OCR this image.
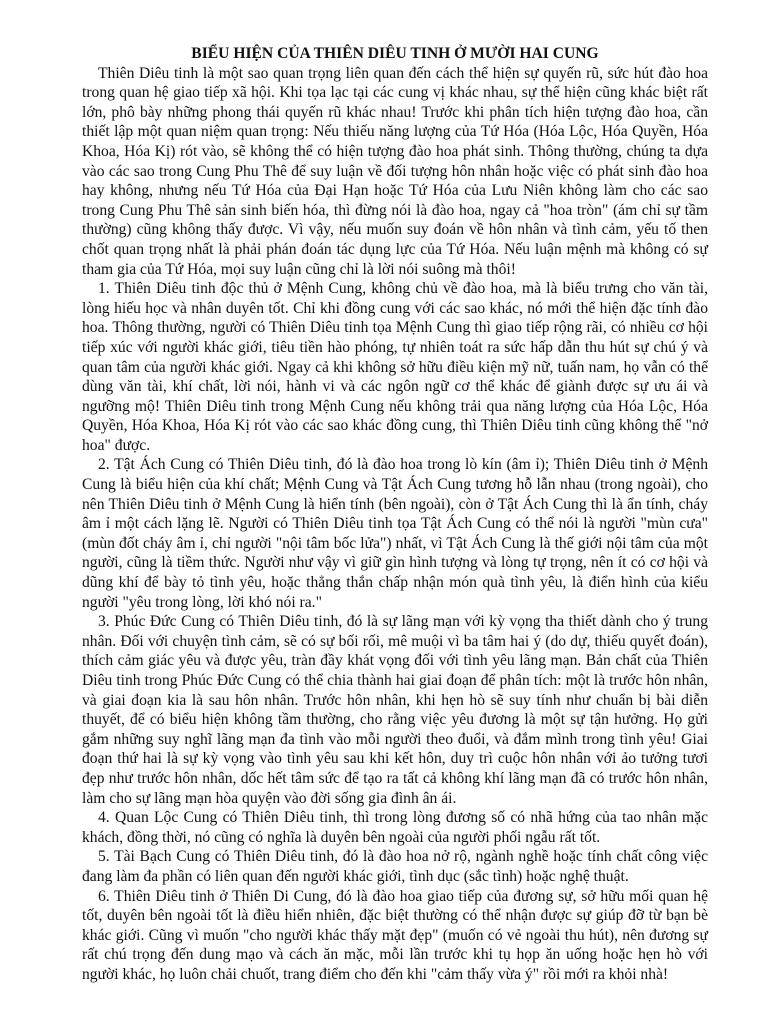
BIỂU HIỆN CỦA THIÊN DIÊU TINH Ở MƯỜI HAI CUNG

Thiên Diêu tinh là một sao quan trọng liên quan đến cách thể hiện sự quyến rũ, sức hút đào hoa trong quan hệ giao tiếp xã hội. Khi tọa lạc tại các cung vị khác nhau, sự thể hiện cũng khác biệt rất lớn, phô bày những phong thái quyến rũ khác nhau! Trước khi phân tích hiện tượng đào hoa, cần thiết lập một quan niệm quan trọng: Nếu thiếu năng lượng của Tứ Hóa (Hóa Lộc, Hóa Quyền, Hóa Khoa, Hóa Kị) rót vào, sẽ không thể có hiện tượng đào hoa phát sinh. Thông thường, chúng ta dựa vào các sao trong Cung Phu Thê để suy luận về đối tượng hôn nhân hoặc việc có phát sinh đào hoa hay không, nhưng nếu Tứ Hóa của Đại Hạn hoặc Tứ Hóa của Lưu Niên không làm cho các sao trong Cung Phu Thê sản sinh biến hóa, thì đừng nói là đào hoa, ngay cả "hoa tròn" (ám chỉ sự tầm thường) cũng không thấy được. Vì vậy, nếu muốn suy đoán về hôn nhân và tình cảm, yếu tố then chốt quan trọng nhất là phải phán đoán tác dụng lực của Tứ Hóa. Nếu luận mệnh mà không có sự tham gia của Tứ Hóa, mọi suy luận cũng chỉ là lời nói suông mà thôi!

1. Thiên Diêu tinh độc thủ ở Mệnh Cung, không chủ về đào hoa, mà là biểu trưng cho văn tài, lòng hiếu học và nhân duyên tốt. Chỉ khi đồng cung với các sao khác, nó mới thể hiện đặc tính đào hoa. Thông thường, người có Thiên Diêu tinh tọa Mệnh Cung thì giao tiếp rộng rãi, có nhiều cơ hội tiếp xúc với người khác giới, tiêu tiền hào phóng, tự nhiên toát ra sức hấp dẫn thu hút sự chú ý và quan tâm của người khác giới. Ngay cả khi không sở hữu điều kiện mỹ nữ, tuấn nam, họ vẫn có thể dùng văn tài, khí chất, lời nói, hành vi và các ngôn ngữ cơ thể khác để giành được sự ưu ái và ngưỡng mộ! Thiên Diêu tinh trong Mệnh Cung nếu không trải qua năng lượng của Hóa Lộc, Hóa Quyền, Hóa Khoa, Hóa Kị rót vào các sao khác đồng cung, thì Thiên Diêu tinh cũng không thể "nở hoa" được.

2. Tật Ách Cung có Thiên Diêu tinh, đó là đào hoa trong lò kín (âm ỉ); Thiên Diêu tinh ở Mệnh Cung là biểu hiện của khí chất; Mệnh Cung và Tật Ách Cung tương hỗ lẫn nhau (trong ngoài), cho nên Thiên Diêu tinh ở Mệnh Cung là hiển tính (bên ngoài), còn ở Tật Ách Cung thì là ẩn tính, cháy âm ỉ một cách lặng lẽ. Người có Thiên Diêu tinh tọa Tật Ách Cung có thể nói là người "mùn cưa" (mùn đốt cháy âm ỉ, chỉ người "nội tâm bốc lửa") nhất, vì Tật Ách Cung là thế giới nội tâm của một người, cũng là tiềm thức. Người như vậy vì giữ gìn hình tượng và lòng tự trọng, nên ít có cơ hội và dũng khí để bày tỏ tình yêu, hoặc thẳng thắn chấp nhận món quà tình yêu, là điển hình của kiểu người "yêu trong lòng, lời khó nói ra."

3. Phúc Đức Cung có Thiên Diêu tinh, đó là sự lãng mạn với kỳ vọng tha thiết dành cho ý trung nhân. Đối với chuyện tình cảm, sẽ có sự bối rối, mê muội vì ba tâm hai ý (do dự, thiếu quyết đoán), thích cảm giác yêu và được yêu, tràn đầy khát vọng đối với tình yêu lãng mạn. Bản chất của Thiên Diêu tinh trong Phúc Đức Cung có thể chia thành hai giai đoạn để phân tích: một là trước hôn nhân, và giai đoạn kia là sau hôn nhân. Trước hôn nhân, khi hẹn hò sẽ suy tính như chuẩn bị bài diễn thuyết, để có biểu hiện không tầm thường, cho rằng việc yêu đương là một sự tận hưởng. Họ gửi gắm những suy nghĩ lãng mạn đa tình vào mỗi người theo đuổi, và đắm mình trong tình yêu! Giai đoạn thứ hai là sự kỳ vọng vào tình yêu sau khi kết hôn, duy trì cuộc hôn nhân với ảo tưởng tươi đẹp như trước hôn nhân, dốc hết tâm sức để tạo ra tất cả không khí lãng mạn đã có trước hôn nhân, làm cho sự lãng mạn hòa quyện vào đời sống gia đình ân ái.

4. Quan Lộc Cung có Thiên Diêu tinh, thì trong lòng đương số có nhã hứng của tao nhân mặc khách, đồng thời, nó cũng có nghĩa là duyên bên ngoài của người phối ngẫu rất tốt.

5. Tài Bạch Cung có Thiên Diêu tinh, đó là đào hoa nở rộ, ngành nghề hoặc tính chất công việc đang làm đa phần có liên quan đến người khác giới, tình dục (sắc tình) hoặc nghệ thuật.

6. Thiên Diêu tinh ở Thiên Di Cung, đó là đào hoa giao tiếp của đương sự, sở hữu mối quan hệ tốt, duyên bên ngoài tốt là điều hiển nhiên, đặc biệt thường có thể nhận được sự giúp đỡ từ bạn bè khác giới. Cũng vì muốn "cho người khác thấy mặt đẹp" (muốn có vẻ ngoài thu hút), nên đương sự rất chú trọng đến dung mạo và cách ăn mặc, mỗi lần trước khi tụ họp ăn uống hoặc hẹn hò với người khác, họ luôn chải chuốt, trang điểm cho đến khi "cảm thấy vừa ý" rồi mới ra khỏi nhà!
